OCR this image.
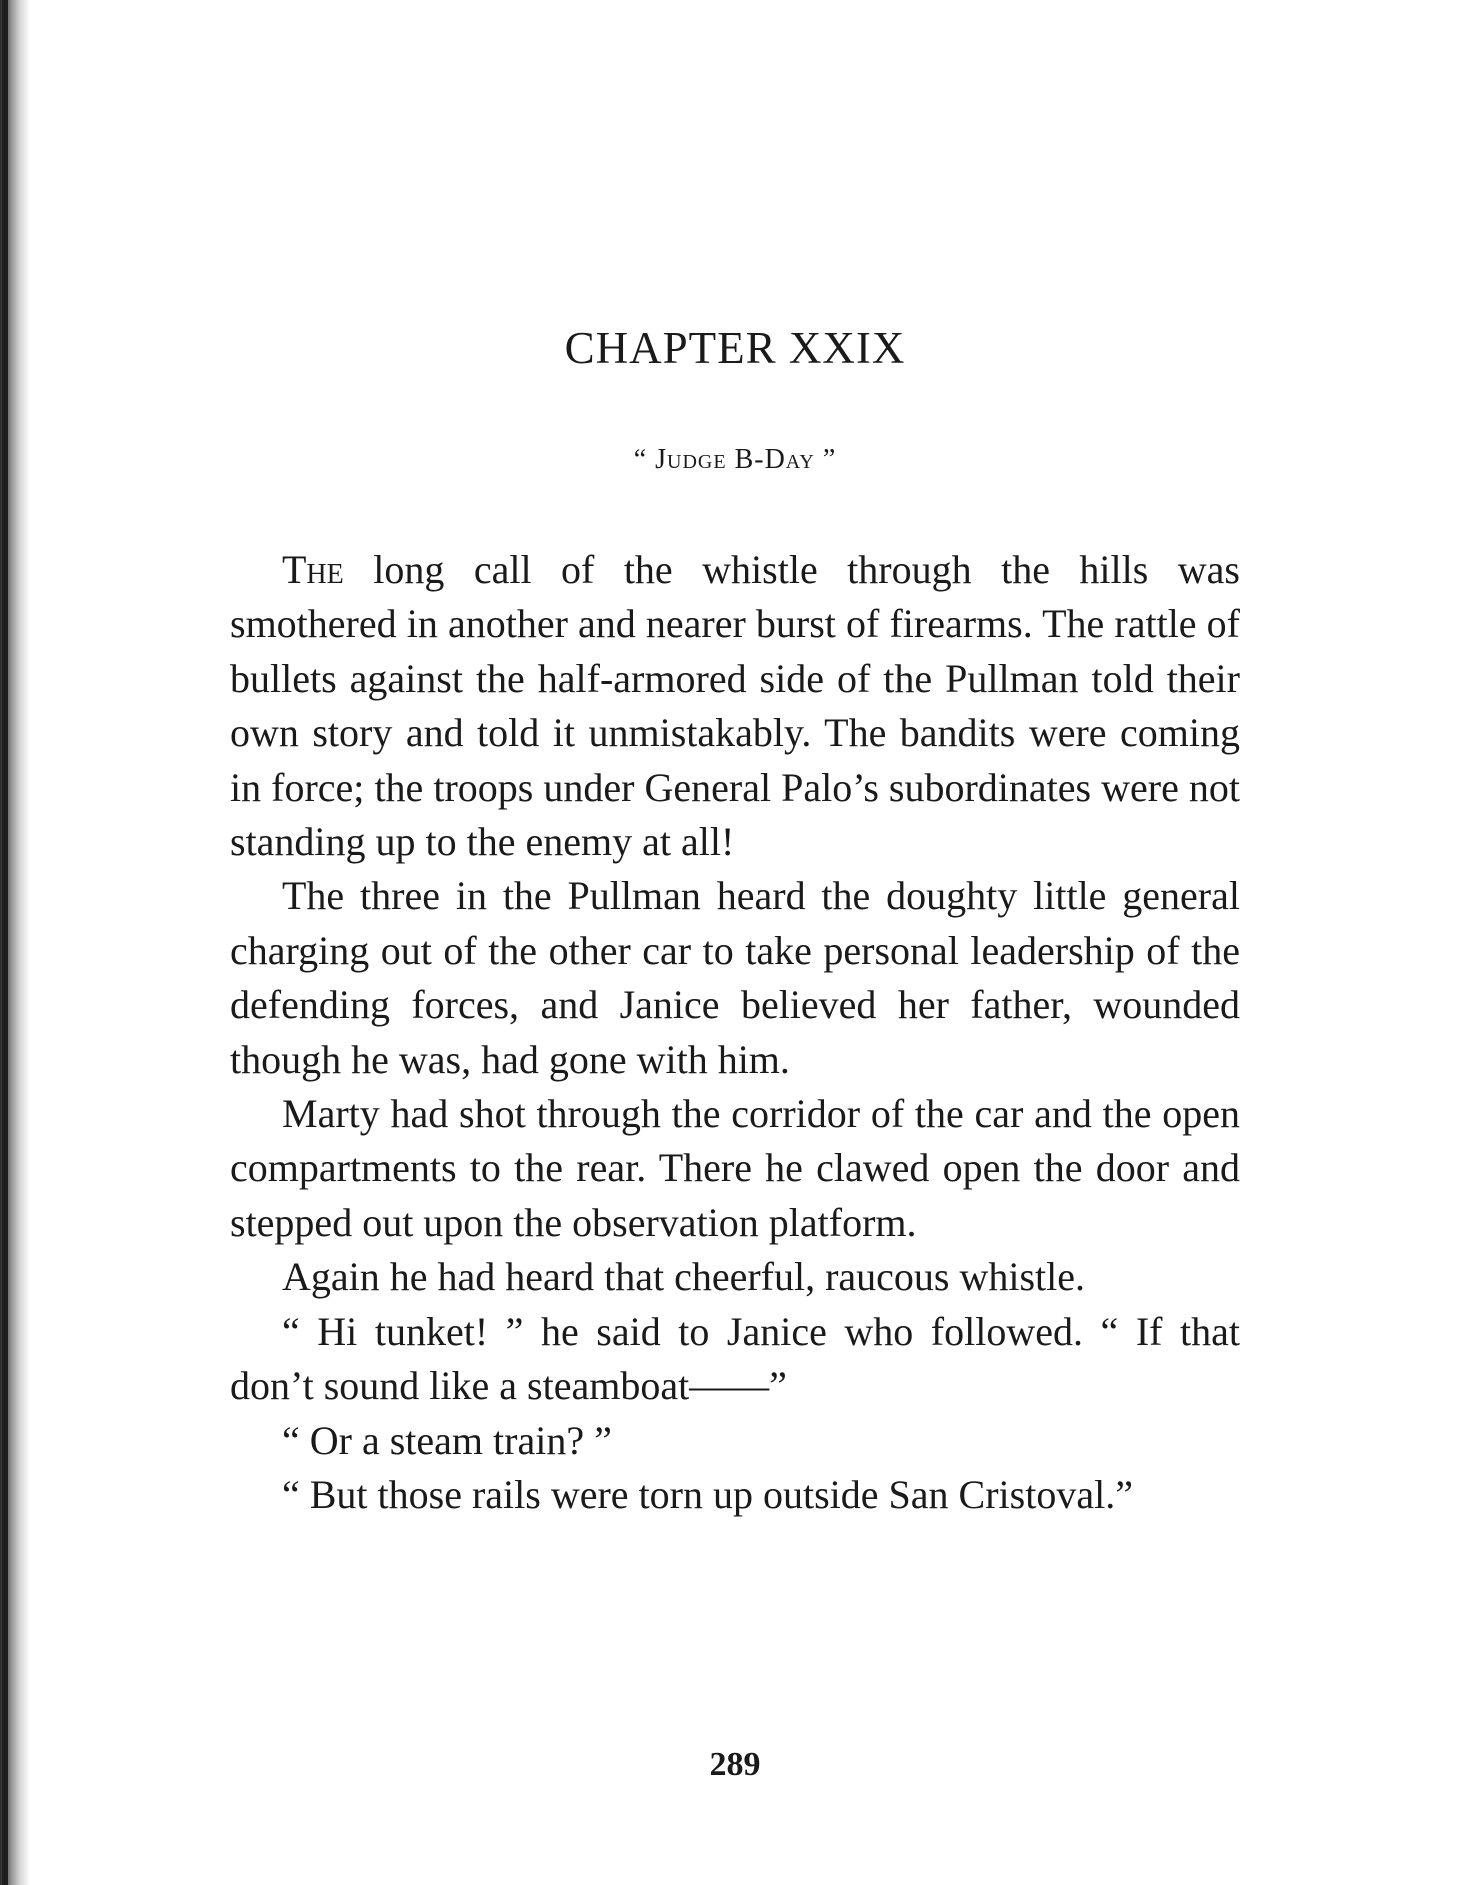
CHAPTER XXIX
“ Judge B-Day ”

The long call of the whistle through the hills was smothered in another and nearer burst of firearms. The rattle of bullets against the half-armored side of the Pullman told their own story and told it unmistakably. The bandits were coming in force; the troops under General Palo’s subordinates were not standing up to the enemy at all!

The three in the Pullman heard the doughty little general charging out of the other car to take personal leadership of the defending forces, and Janice believed her father, wounded though he was, had gone with him.

Marty had shot through the corridor of the car and the open compartments to the rear. There he clawed open the door and stepped out upon the observation platform.

Again he had heard that cheerful, raucous whistle.

“ Hi tunket! ” he said to Janice who followed. “ If that don’t sound like a steamboat——”

“ Or a steam train? ”

“ But those rails were torn up outside San Cristoval.”

289
